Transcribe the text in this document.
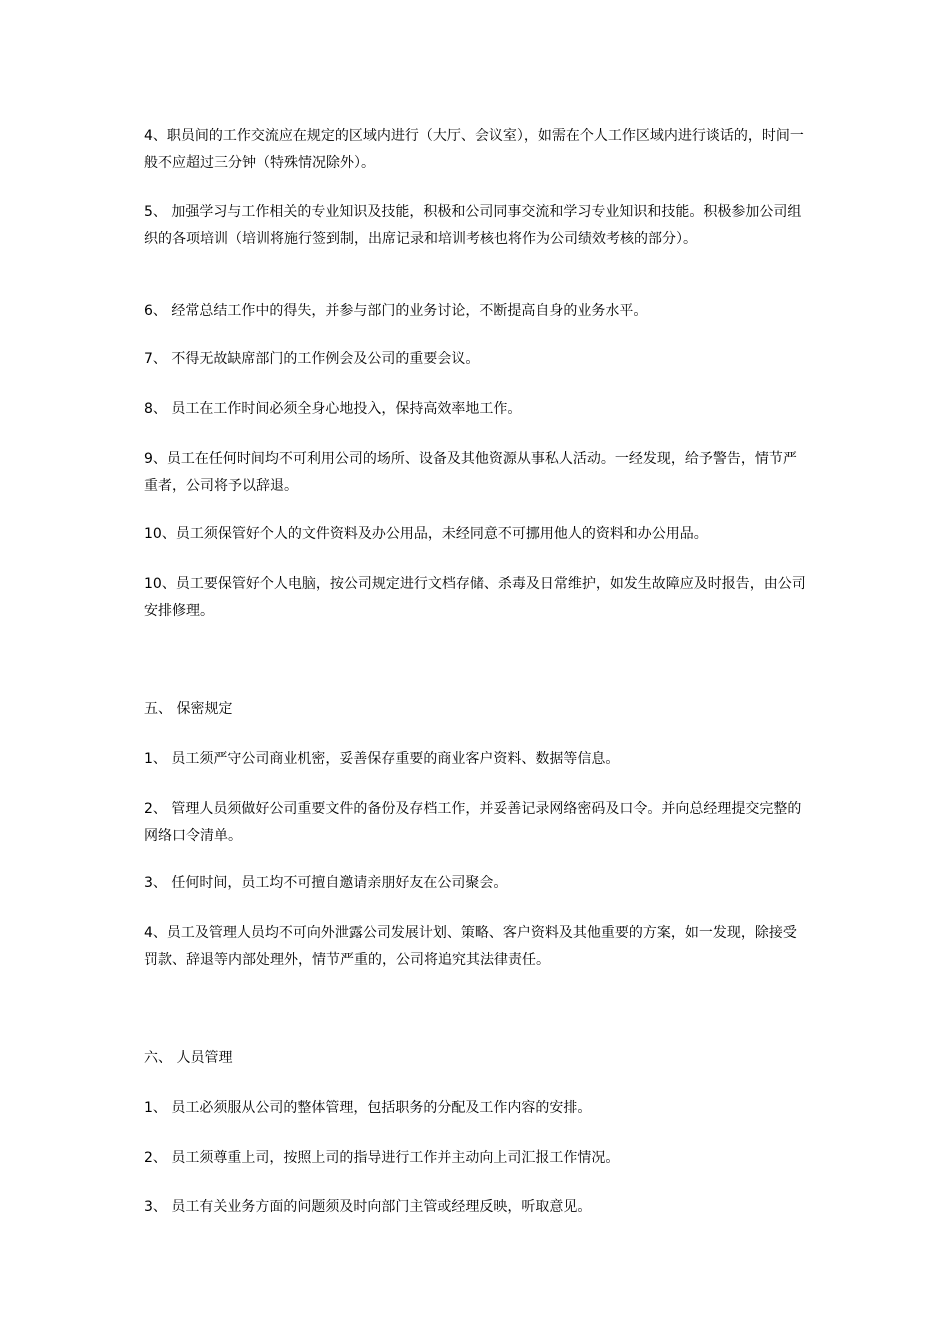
4、职员间的工作交流应在规定的区域内进行（大厅、会议室），如需在个人工作区域内进行谈话的，时间一般不应超过三分钟（特殊情况除外）。

5、 加强学习与工作相关的专业知识及技能，积极和公司同事交流和学习专业知识和技能。积极参加公司组织的各项培训（培训将施行签到制，出席记录和培训考核也将作为公司绩效考核的部分）。

6、 经常总结工作中的得失，并参与部门的业务讨论，不断提高自身的业务水平。

7、 不得无故缺席部门的工作例会及公司的重要会议。

8、 员工在工作时间必须全身心地投入，保持高效率地工作。

9、员工在任何时间均不可利用公司的场所、设备及其他资源从事私人活动。一经发现，给予警告，情节严重者，公司将予以辞退。

10、员工须保管好个人的文件资料及办公用品，未经同意不可挪用他人的资料和办公用品。

10、员工要保管好个人电脑，按公司规定进行文档存储、杀毒及日常维护，如发生故障应及时报告，由公司安排修理。

五、 保密规定

1、 员工须严守公司商业机密，妥善保存重要的商业客户资料、数据等信息。

2、 管理人员须做好公司重要文件的备份及存档工作，并妥善记录网络密码及口令。并向总经理提交完整的网络口令清单。

3、 任何时间，员工均不可擅自邀请亲朋好友在公司聚会。

4、员工及管理人员均不可向外泄露公司发展计划、策略、客户资料及其他重要的方案，如一发现，除接受罚款、辞退等内部处理外，情节严重的，公司将追究其法律责任。

六、 人员管理

1、 员工必须服从公司的整体管理，包括职务的分配及工作内容的安排。

2、 员工须尊重上司，按照上司的指导进行工作并主动向上司汇报工作情况。

3、 员工有关业务方面的问题须及时向部门主管或经理反映，听取意见。
